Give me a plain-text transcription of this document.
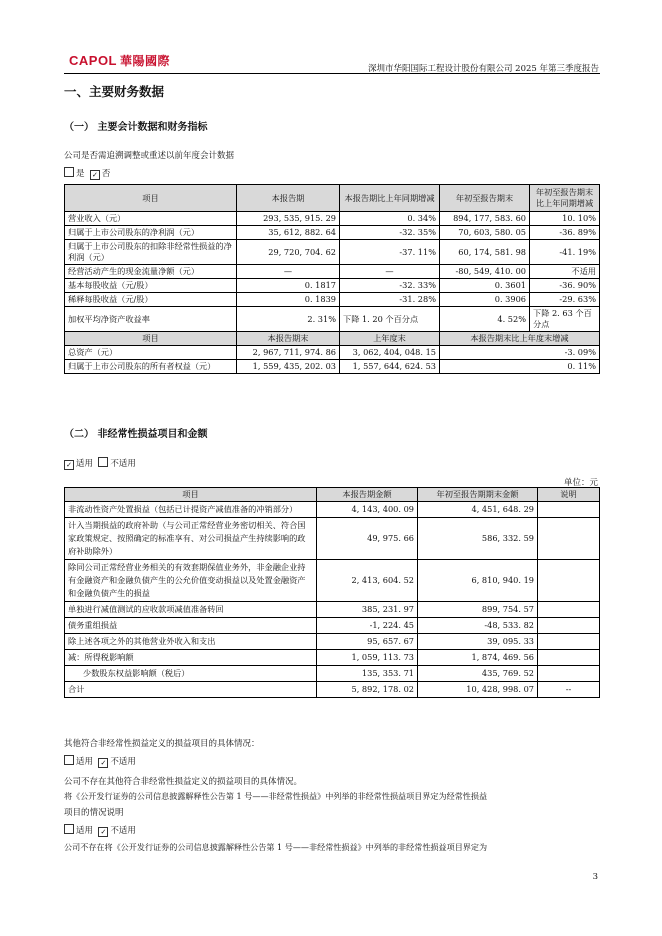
CAPOL 華陽國際
深圳市华阳国际工程设计股份有限公司 2025 年第三季度报告
一、主要财务数据
（一） 主要会计数据和财务指标
公司是否需追溯调整或重述以前年度会计数据
是 ✓ 否
项目	本报告期	本报告期比上年同期增减	年初至报告期末	年初至报告期末比上年同期增减
营业收入（元）	293, 535, 915. 29	0. 34%	894, 177, 583. 60	10. 10%
归属于上市公司股东的净利润（元）	35, 612, 882. 64	-32. 35%	70, 603, 580. 05	-36. 89%
归属于上市公司股东的扣除非经常性损益的净利润（元）	29, 720, 704. 62	-37. 11%	60, 174, 581. 98	-41. 19%
经营活动产生的现金流量净额（元）	—	—	-80, 549, 410. 00	不适用
基本每股收益（元/股）	0. 1817	-32. 33%	0. 3601	-36. 90%
稀释每股收益（元/股）	0. 1839	-31. 28%	0. 3906	-29. 63%
加权平均净资产收益率	2. 31%	下降 1. 20 个百分点	4. 52%	下降 2. 63 个百分点
项目	本报告期末	上年度末	本报告期末比上年度末增减	
总资产（元）	2, 967, 711, 974. 86	3, 062, 404, 048. 15	-3. 09%	
归属于上市公司股东的所有者权益（元）	1, 559, 435, 202. 03	1, 557, 644, 624. 53	0. 11%	
（二） 非经常性损益项目和金额
✓适用 不适用
单位：元
项目	本报告期金额	年初至报告期期末金额	说明
非流动性资产处置损益（包括已计提资产减值准备的冲销部分）	4, 143, 400. 09	4, 451, 648. 29	
计入当期损益的政府补助（与公司正常经营业务密切相关、符合国家政策规定、按照确定的标准享有、对公司损益产生持续影响的政府补助除外）	49, 975. 66	586, 332. 59	
除同公司正常经营业务相关的有效套期保值业务外，非金融企业持有金融资产和金融负债产生的公允价值变动损益以及处置金融资产和金融负债产生的损益	2, 413, 604. 52	6, 810, 940. 19	
单独进行减值测试的应收款项减值准备转回	385, 231. 97	899, 754. 57	
债务重组损益	-1, 224. 45	-48, 533. 82	
除上述各项之外的其他营业外收入和支出	95, 657. 67	39, 095. 33	
减：所得税影响额	1, 059, 113. 73	1, 874, 469. 56	
少数股东权益影响额（税后）	135, 353. 71	435, 769. 52	
合计	5, 892, 178. 02	10, 428, 998. 07	--
其他符合非经常性损益定义的损益项目的具体情况：
适用 ✓ 不适用
公司不存在其他符合非经常性损益定义的损益项目的具体情况。
将《公开发行证券的公司信息披露解释性公告第 1 号——非经常性损益》中列举的非经常性损益项目界定为经常性损益
项目的情况说明
适用 ✓ 不适用
公司不存在将《公开发行证券的公司信息披露解释性公告第 1 号——非经常性损益》中列举的非经常性损益项目界定为
3
